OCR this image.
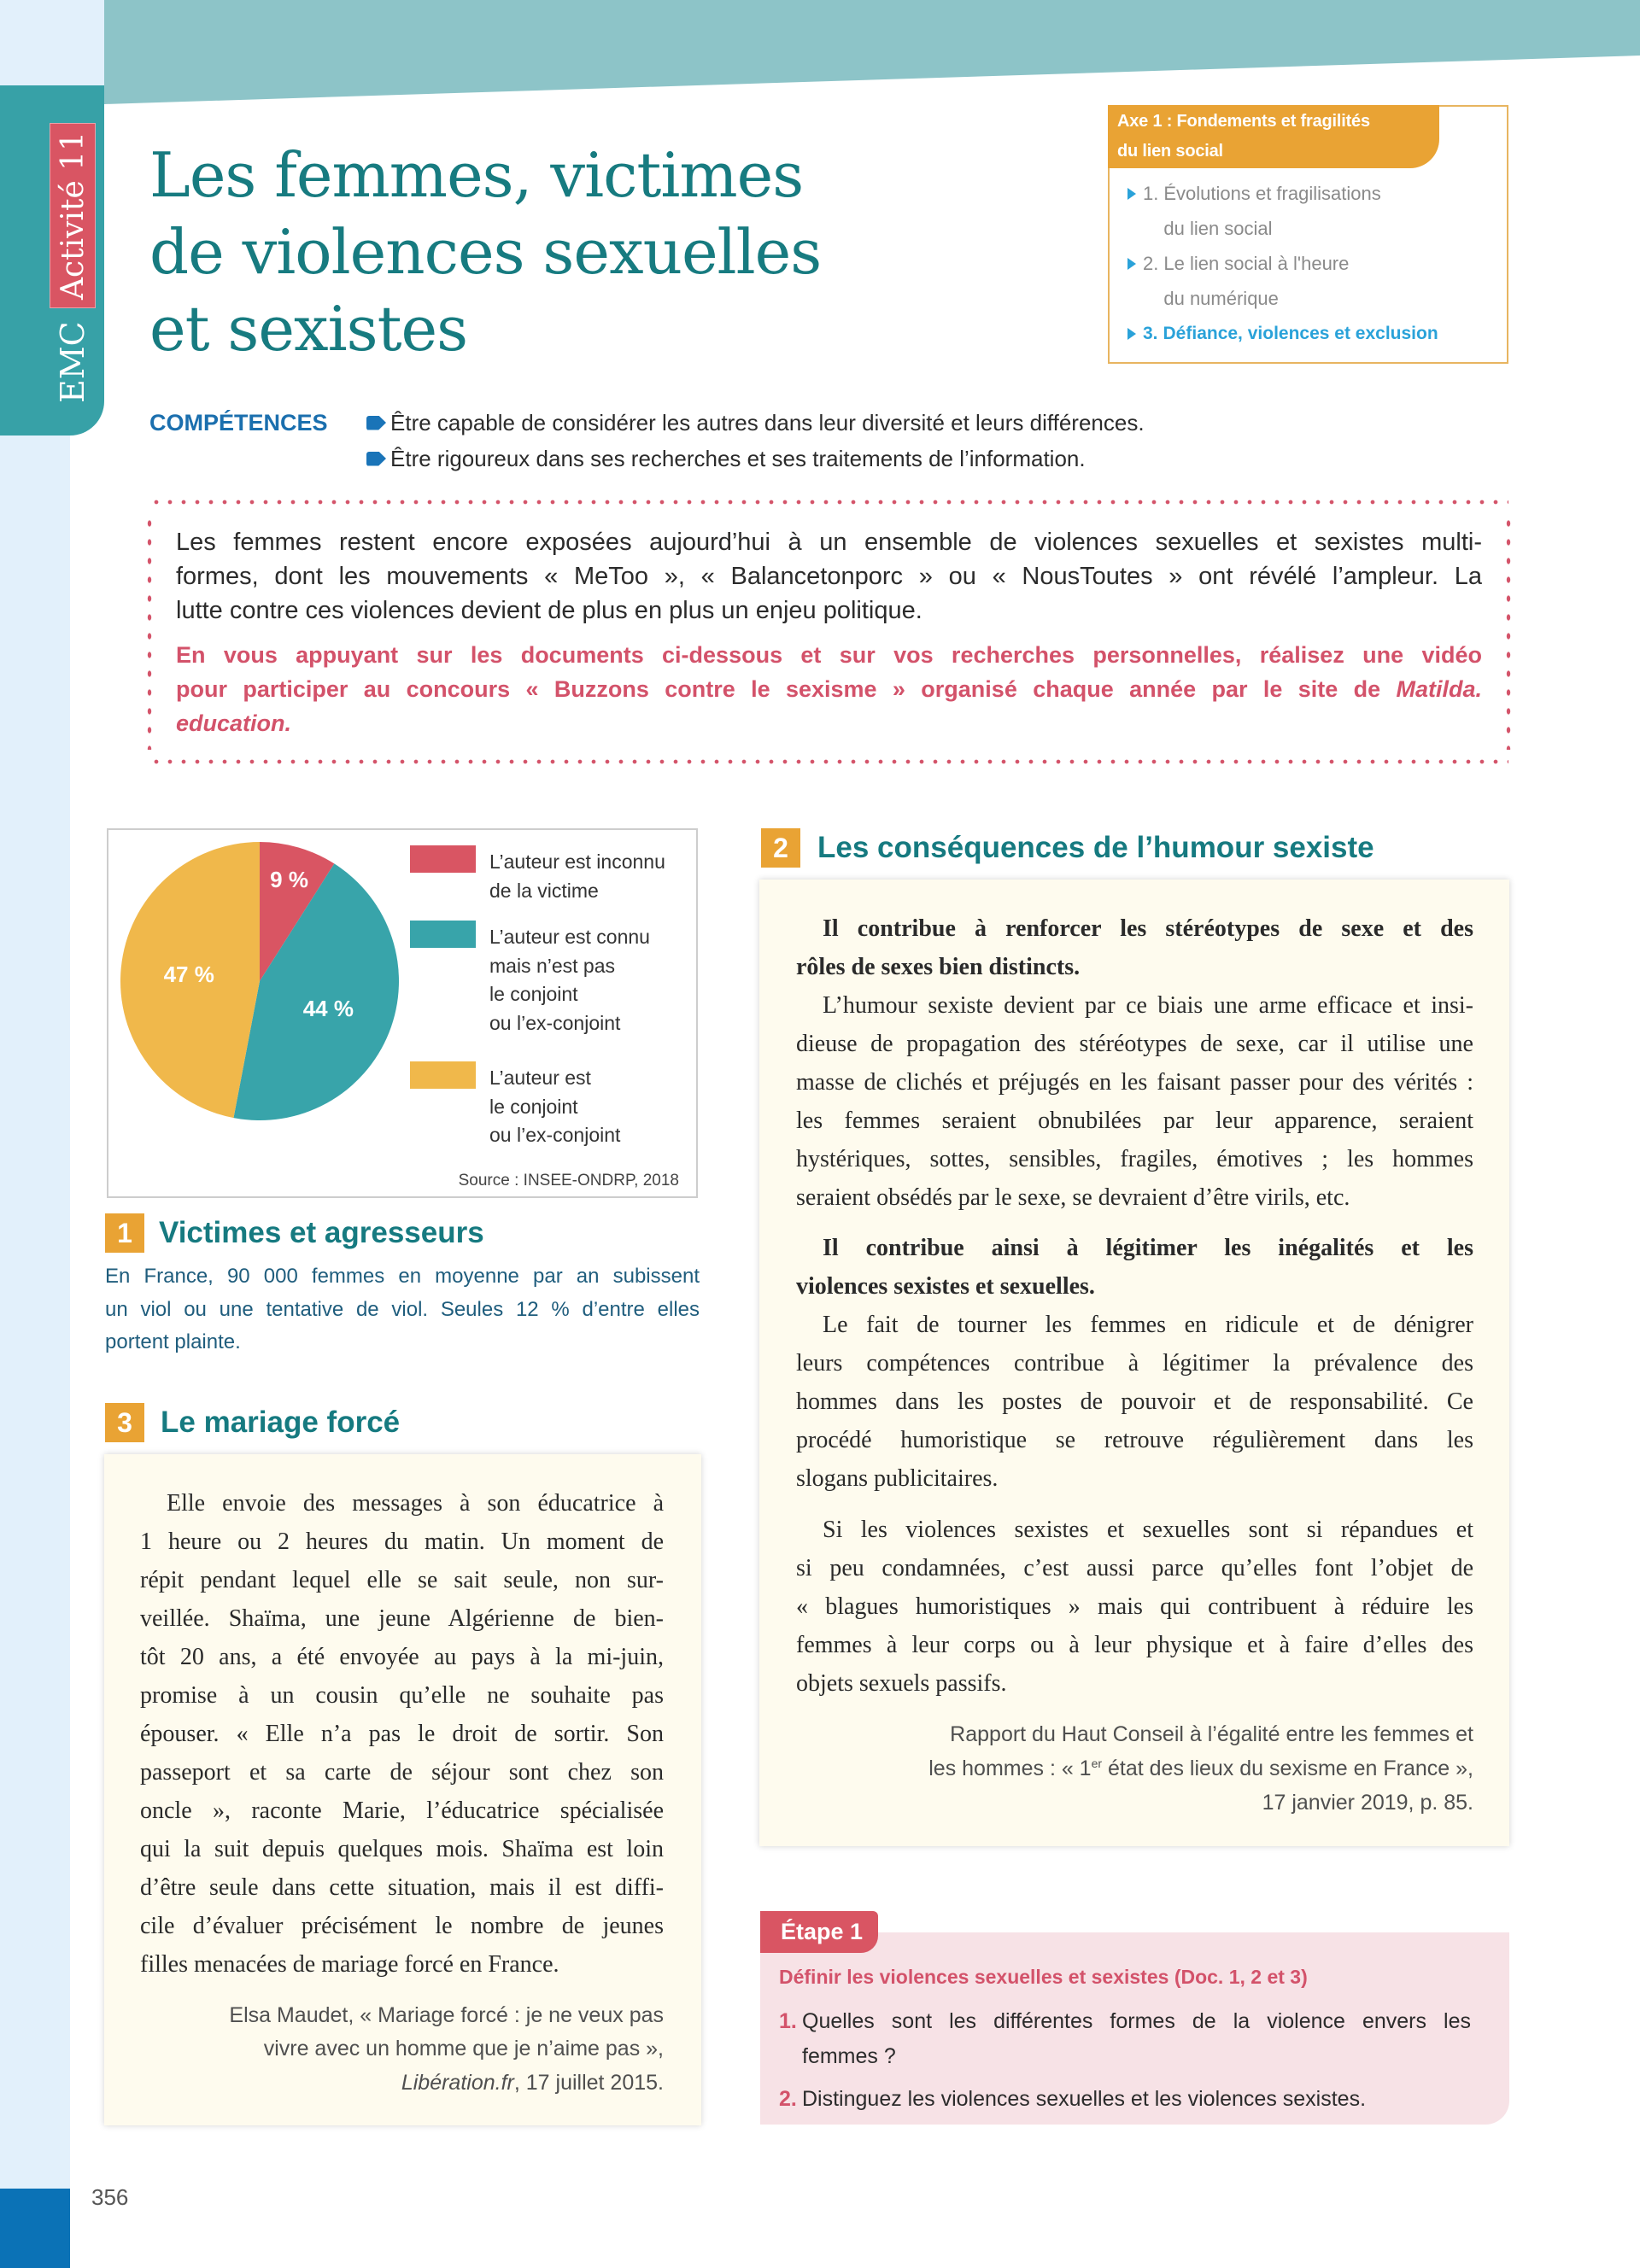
EMC
Activité 11 Les femmes, victimes
de violences sexuelles
et sexistes
Axe 1 : Fondements et fragilités
du lien social
1. Évolutions et fragilisations
du lien social
2. Le lien social à l'heure
du numérique
3. Défiance, violences et exclusion
COMPÉTENCES	Être capable de considérer les autres dans leur diversité et leurs différences.
Être rigoureux dans ses recherches et ses traitements de l’information.
Les femmes restent encore exposées aujourd’hui à un ensemble de violences sexuelles et sexistes multi-
formes, dont les mouvements « MeToo », « Balancetonporc » ou « NousToutes » ont révélé l’ampleur. La
lutte contre ces violences devient de plus en plus un enjeu politique.
En vous appuyant sur les documents ci-dessous et sur vos recherches personnelles, réalisez une vidéo
pour participer au concours « Buzzons contre le sexisme » organisé chaque année par le site de Matilda.
education.
9 %
44 %
47 %
L’auteur est inconnu
de la victime
L’auteur est connu
mais n’est pas
le conjoint
ou l’ex-conjoint
L’auteur est
le conjoint
ou l’ex-conjoint
Source : INSEE-ONDRP, 2018
1 Victimes et agresseurs
En France, 90 000 femmes en moyenne par an subissent
un viol ou une tentative de viol. Seules 12 % d’entre elles
portent plainte.
3 Le mariage forcé
Elle envoie des messages à son éducatrice à
1 heure ou 2 heures du matin. Un moment de
répit pendant lequel elle se sait seule, non sur-
veillée. Shaïma, une jeune Algérienne de bien-
tôt 20 ans, a été envoyée au pays à la mi-juin,
promise à un cousin qu’elle ne souhaite pas
épouser. « Elle n’a pas le droit de sortir. Son
passeport et sa carte de séjour sont chez son
oncle », raconte Marie, l’éducatrice spécialisée
qui la suit depuis quelques mois. Shaïma est loin
d’être seule dans cette situation, mais il est diffi-
cile d’évaluer précisément le nombre de jeunes
filles menacées de mariage forcé en France.
Elsa Maudet, « Mariage forcé : je ne veux pas
vivre avec un homme que je n’aime pas »,
Libération.fr, 17 juillet 2015.
2 Les conséquences de l’humour sexiste
Il contribue à renforcer les stéréotypes de sexe et des
rôles de sexes bien distincts.
L’humour sexiste devient par ce biais une arme efficace et insi-
dieuse de propagation des stéréotypes de sexe, car il utilise une
masse de clichés et préjugés en les faisant passer pour des vérités :
les femmes seraient obnubilées par leur apparence, seraient
hystériques, sottes, sensibles, fragiles, émotives ; les hommes
seraient obsédés par le sexe, se devraient d’être virils, etc.
Il contribue ainsi à légitimer les inégalités et les
violences sexistes et sexuelles.
Le fait de tourner les femmes en ridicule et de dénigrer
leurs compétences contribue à légitimer la prévalence des
hommes dans les postes de pouvoir et de responsabilité. Ce
procédé humoristique se retrouve régulièrement dans les
slogans publicitaires.
Si les violences sexistes et sexuelles sont si répandues et
si peu condamnées, c’est aussi parce qu’elles font l’objet de
« blagues humoristiques » mais qui contribuent à réduire les
femmes à leur corps ou à leur physique et à faire d’elles des
objets sexuels passifs.
Rapport du Haut Conseil à l’égalité entre les femmes et
les hommes : « 1er état des lieux du sexisme en France »,
17 janvier 2019, p. 85.
Étape 1
Définir les violences sexuelles et sexistes (Doc. 1, 2 et 3)
1. Quelles sont les différentes formes de la violence envers les
femmes ?
2. Distinguez les violences sexuelles et les violences sexistes.
356
